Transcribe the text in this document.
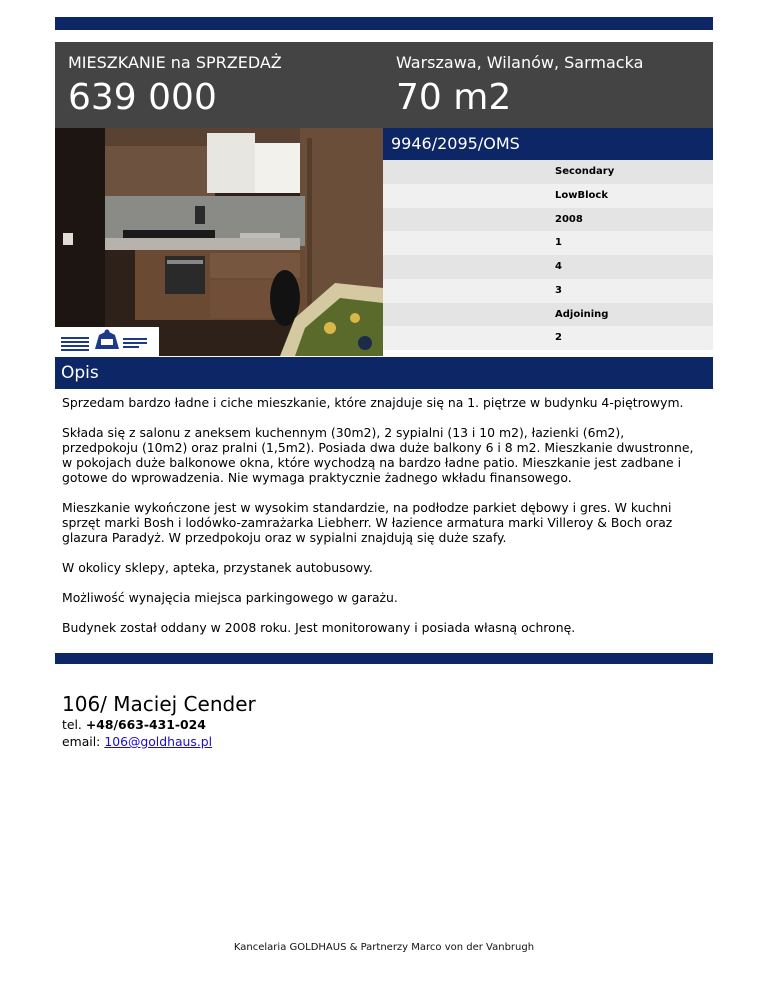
MIESZKANIE na SPRZEDAŻ
639 000
Warszawa, Wilanów, Sarmacka
70 m2
9946/2095/OMS
Secondary
LowBlock
2008
1
4
3
Adjoining
2
Opis

Sprzedam bardzo ładne i ciche mieszkanie, które znajduje się na 1. piętrze w budynku 4-piętrowym.

Składa się z salonu z aneksem kuchennym (30m2), 2 sypialni (13 i 10 m2), łazienki (6m2), przedpokoju (10m2) oraz pralni (1,5m2). Posiada dwa duże balkony 6 i 8 m2. Mieszkanie dwustronne, w pokojach duże balkonowe okna, które wychodzą na bardzo ładne patio. Mieszkanie jest zadbane i gotowe do wprowadzenia. Nie wymaga praktycznie żadnego wkładu finansowego.

Mieszkanie wykończone jest w wysokim standardzie, na podłodze parkiet dębowy i gres. W kuchni sprzęt marki Bosh i lodówko-zamrażarka Liebherr. W łazience armatura marki Villeroy & Boch oraz glazura Paradyż. W przedpokoju oraz w sypialni znajdują się duże szafy.

W okolicy sklepy, apteka, przystanek autobusowy.

Możliwość wynajęcia miejsca parkingowego w garażu.

Budynek został oddany w 2008 roku. Jest monitorowany i posiada własną ochronę.

106/ Maciej Cender
tel. +48/663-431-024
email: 106@goldhaus.pl
Kancelaria GOLDHAUS & Partnerzy Marco von der Vanbrugh
